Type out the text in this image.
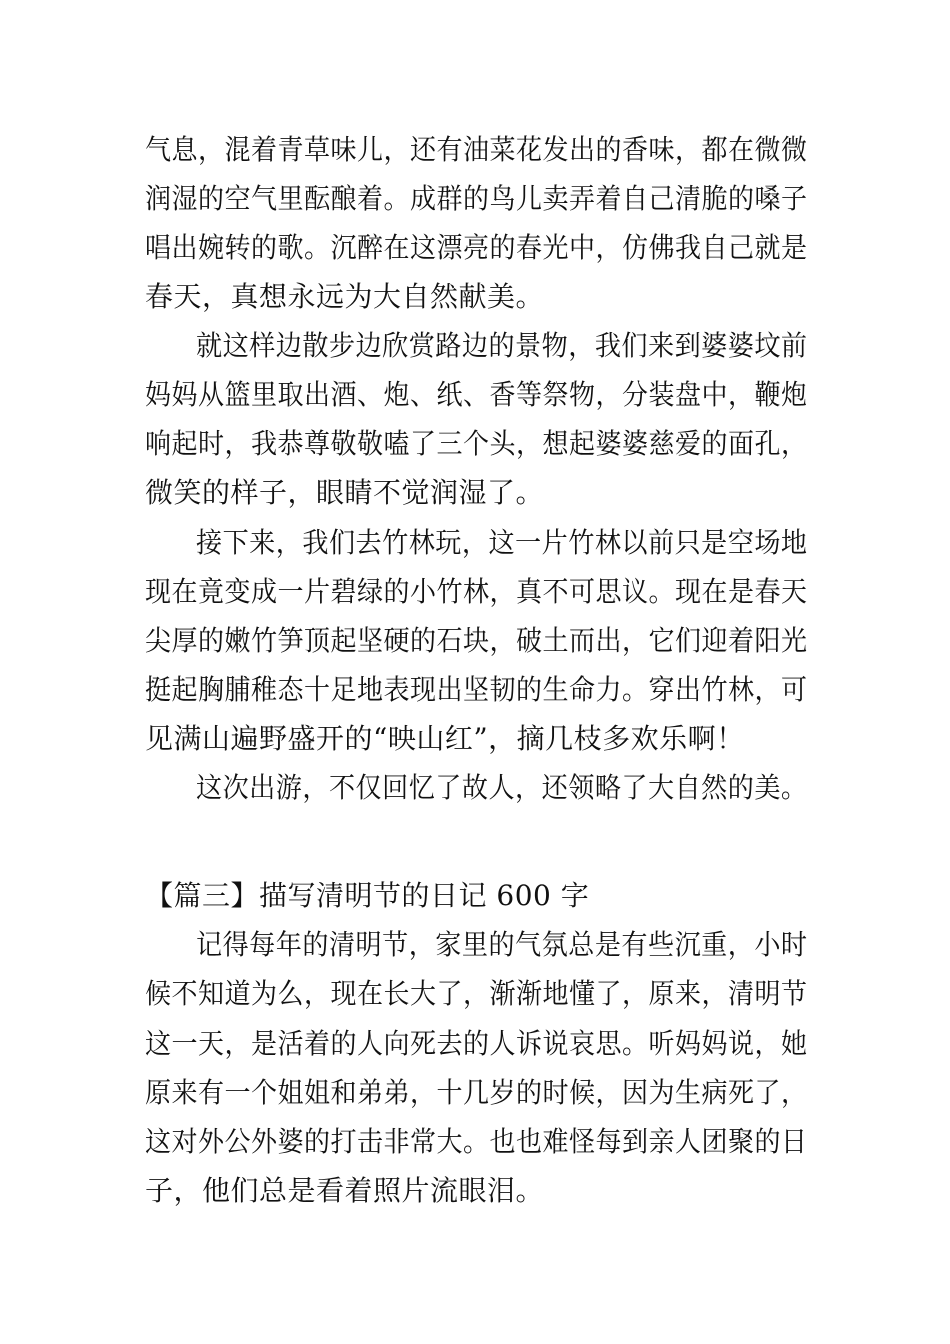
气息，混着青草味儿，还有油菜花发出的香味，都在微微
润湿的空气里酝酿着。成群的鸟儿卖弄着自己清脆的嗓子
唱出婉转的歌。沉醉在这漂亮的春光中，仿佛我自己就是
春天，真想永远为大自然献美。
就这样边散步边欣赏路边的景物，我们来到婆婆坟前
妈妈从篮里取出酒、炮、纸、香等祭物，分装盘中，鞭炮
响起时，我恭尊敬敬嗑了三个头，想起婆婆慈爱的面孔，
微笑的样子，眼睛不觉润湿了。
接下来，我们去竹林玩，这一片竹林以前只是空场地
现在竟变成一片碧绿的小竹林，真不可思议。现在是春天
尖厚的嫩竹笋顶起坚硬的石块，破土而出，它们迎着阳光
挺起胸脯稚态十足地表现出坚韧的生命力。穿出竹林，可
见满山遍野盛开的“映山红”，摘几枝多欢乐啊！
这次出游，不仅回忆了故人，还领略了大自然的美。
【篇三】描写清明节的日记 600 字
记得每年的清明节，家里的气氛总是有些沉重，小时
候不知道为么，现在长大了，渐渐地懂了，原来，清明节
这一天，是活着的人向死去的人诉说哀思。听妈妈说，她
原来有一个姐姐和弟弟，十几岁的时候，因为生病死了，
这对外公外婆的打击非常大。也也难怪每到亲人团聚的日
子，他们总是看着照片流眼泪。
